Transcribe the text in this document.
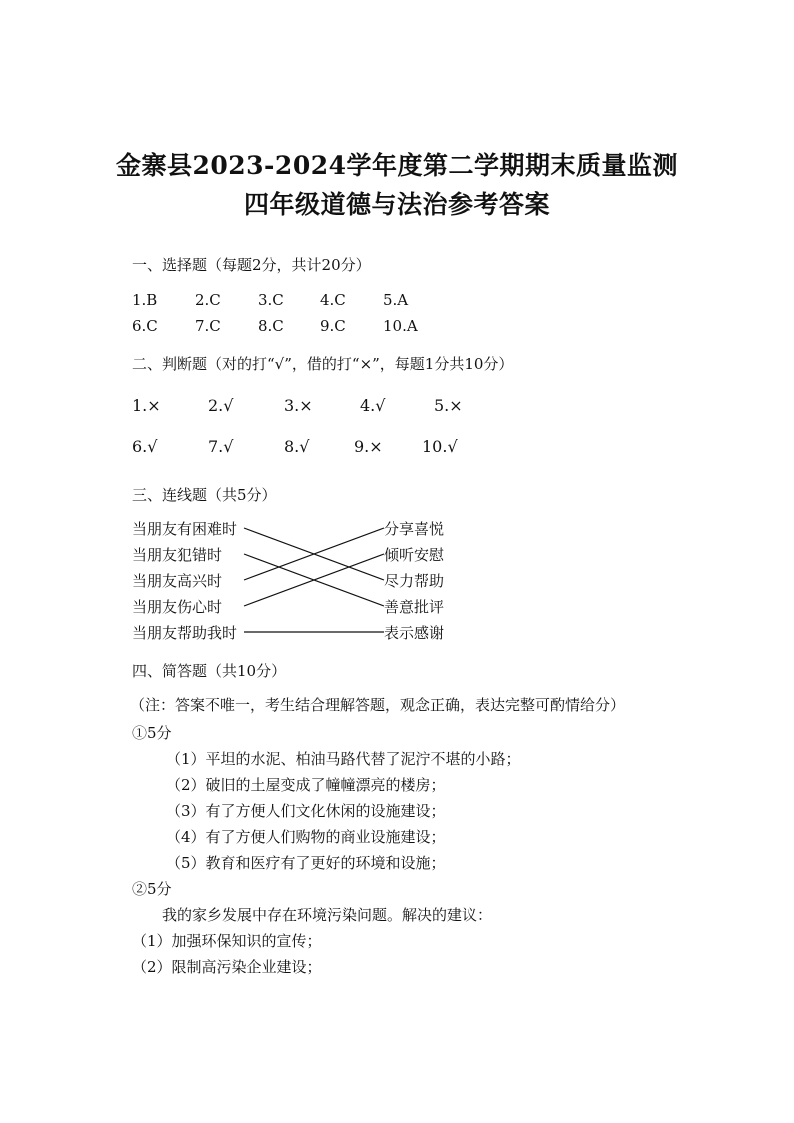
金寨县2023-2024学年度第二学期期末质量监测
四年级道德与法治参考答案
一、选择题（每题2分，共计20分）
1.B	2.C 3.C 4.C 5.A
6.C 7.C 8.C 9.C 10.A
二、判断题（对的打“√”，借的打“×”，每题1分共10分）
1.×	2.√	3.×	4.√	5.×
6.√	7.√	8.√	9.× 10.√
三、连线题（共5分）
当朋友有困难时
当朋友犯错时
当朋友高兴时
当朋友伤心时
当朋友帮助我时
分享喜悦
倾听安慰
尽力帮助
善意批评
表示感谢
四、简答题（共10分）
（注：答案不唯一，考生结合理解答题，观念正确，表达完整可酌情给分）
①5分
（1）平坦的水泥、柏油马路代替了泥泞不堪的小路；
（2）破旧的土屋变成了幢幢漂亮的楼房；
（3）有了方便人们文化休闲的设施建设；
（4）有了方便人们购物的商业设施建设；
（5）教育和医疗有了更好的环境和设施；
②5分
我的家乡发展中存在环境污染问题。解决的建议：
（1）加强环保知识的宣传；
（2）限制高污染企业建设；
